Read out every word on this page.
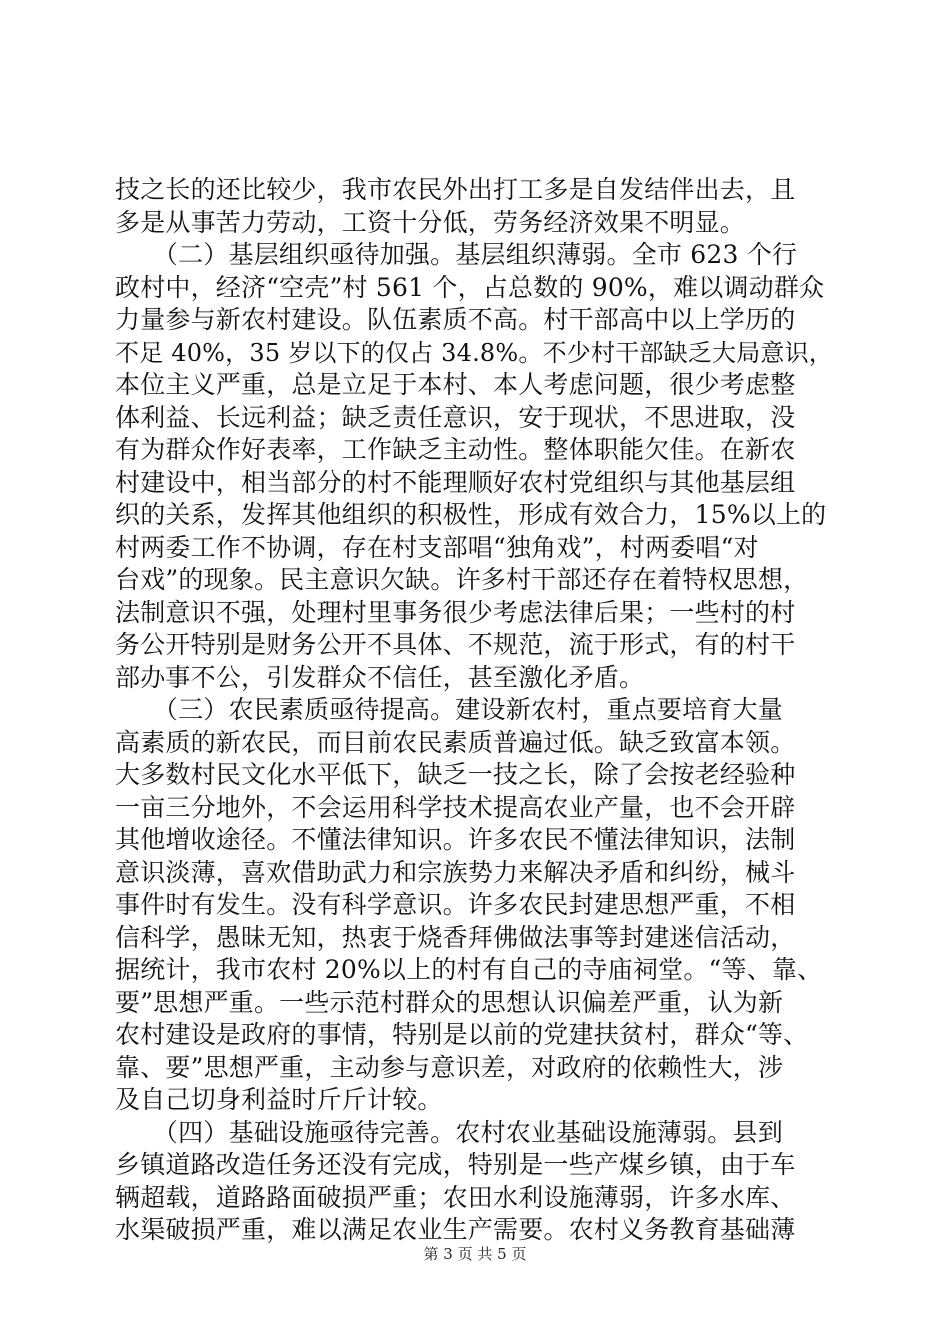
技之长的还比较少，我市农民外出打工多是自发结伴出去，且
多是从事苦力劳动，工资十分低，劳务经济效果不明显。
　　（二）基层组织亟待加强。基层组织薄弱。全市 623 个行
政村中，经济“空壳”村 561 个，占总数的 90%，难以调动群众
力量参与新农村建设。队伍素质不高。村干部高中以上学历的
不足 40%，35 岁以下的仅占 34.8%。不少村干部缺乏大局意识，
本位主义严重，总是立足于本村、本人考虑问题，很少考虑整
体利益、长远利益；缺乏责任意识，安于现状，不思进取，没
有为群众作好表率，工作缺乏主动性。整体职能欠佳。在新农
村建设中，相当部分的村不能理顺好农村党组织与其他基层组
织的关系，发挥其他组织的积极性，形成有效合力，15%以上的
村两委工作不协调，存在村支部唱“独角戏”，村两委唱“对
台戏”的现象。民主意识欠缺。许多村干部还存在着特权思想，
法制意识不强，处理村里事务很少考虑法律后果；一些村的村
务公开特别是财务公开不具体、不规范，流于形式，有的村干
部办事不公，引发群众不信任，甚至激化矛盾。
　　（三）农民素质亟待提高。建设新农村，重点要培育大量
高素质的新农民，而目前农民素质普遍过低。缺乏致富本领。
大多数村民文化水平低下，缺乏一技之长，除了会按老经验种
一亩三分地外，不会运用科学技术提高农业产量，也不会开辟
其他增收途径。不懂法律知识。许多农民不懂法律知识，法制
意识淡薄，喜欢借助武力和宗族势力来解决矛盾和纠纷，械斗
事件时有发生。没有科学意识。许多农民封建思想严重，不相
信科学，愚昧无知，热衷于烧香拜佛做法事等封建迷信活动，
据统计，我市农村 20%以上的村有自己的寺庙祠堂。“等、靠、
要”思想严重。一些示范村群众的思想认识偏差严重，认为新
农村建设是政府的事情，特别是以前的党建扶贫村，群众“等、
靠、要”思想严重，主动参与意识差，对政府的依赖性大，涉
及自己切身利益时斤斤计较。
　　（四）基础设施亟待完善。农村农业基础设施薄弱。县到
乡镇道路改造任务还没有完成，特别是一些产煤乡镇，由于车
辆超载，道路路面破损严重；农田水利设施薄弱，许多水库、
水渠破损严重，难以满足农业生产需要。农村义务教育基础薄
第 3 页 共 5 页
